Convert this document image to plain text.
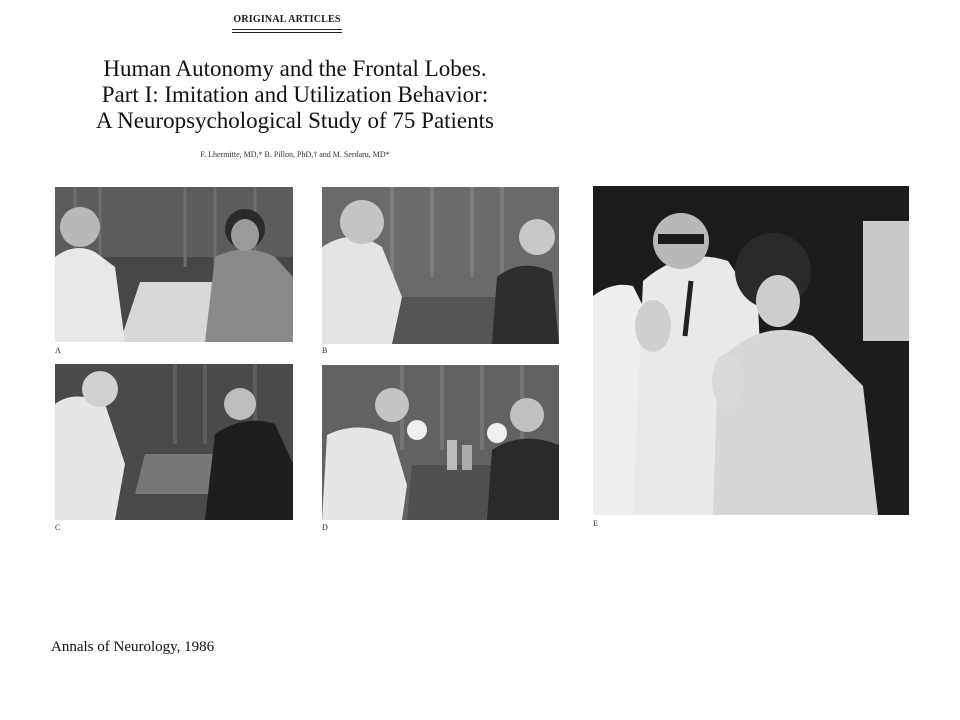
ORIGINAL ARTICLES
Human Autonomy and the Frontal Lobes.
Part I: Imitation and Utilization Behavior:
A Neuropsychological Study of 75 Patients
F. Lhermitte, MD,* B. Pillon, PhD,† and M. Serdaru, MD*
A	B
C	D	E
Annals of Neurology, 1986
